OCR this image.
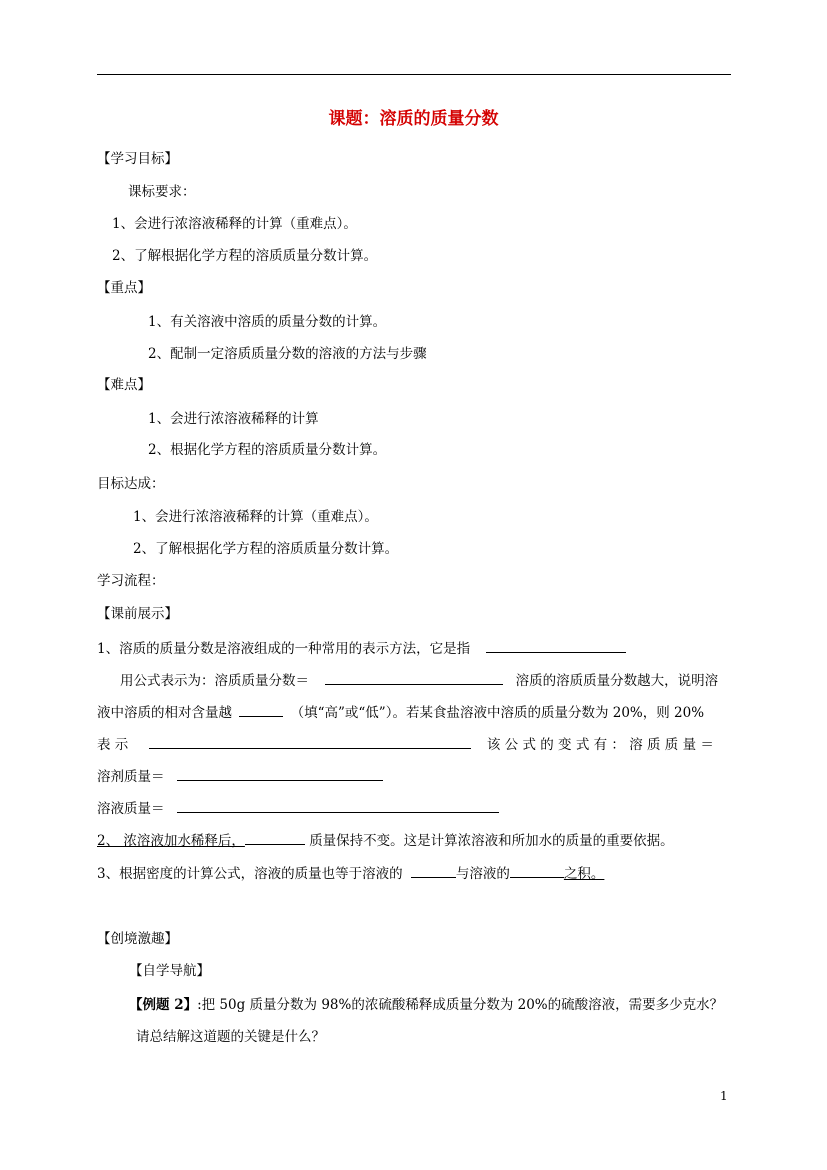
课题：溶质的质量分数
【学习目标】
课标要求：
1、会进行浓溶液稀释的计算（重难点）。
2、了解根据化学方程的溶质质量分数计算。
【重点】
1、有关溶液中溶质的质量分数的计算。
2、配制一定溶质质量分数的溶液的方法与步骤
【难点】
1、会进行浓溶液稀释的计算
2、根据化学方程的溶质质量分数计算。
目标达成：
1、会进行浓溶液稀释的计算（重难点）。
2、了解根据化学方程的溶质质量分数计算。
学习流程：
【课前展示】
1、溶质的质量分数是溶液组成的一种常用的表示方法，它是指
用公式表示为：溶质质量分数＝	溶质的溶质质量分数越大，说明溶
液中溶质的相对含量越	（填“高”或“低”）。若某食盐溶液中溶质的质量分数为 20%，则 20%
表 示	该 公 式 的 变 式 有 ： 溶 质 质 量 ＝
溶剂质量＝
溶液质量＝
2、 浓溶液加水稀释后，	质量保持不变。这是计算浓溶液和所加水的质量的重要依据。
3、根据密度的计算公式，溶液的质量也等于溶液的	与溶液的	之积。
【创境激趣】
【自学导航】
【例题 2】:把 50g 质量分数为 98%的浓硫酸稀释成质量分数为 20%的硫酸溶液，需要多少克水？
请总结解这道题的关键是什么？
1
